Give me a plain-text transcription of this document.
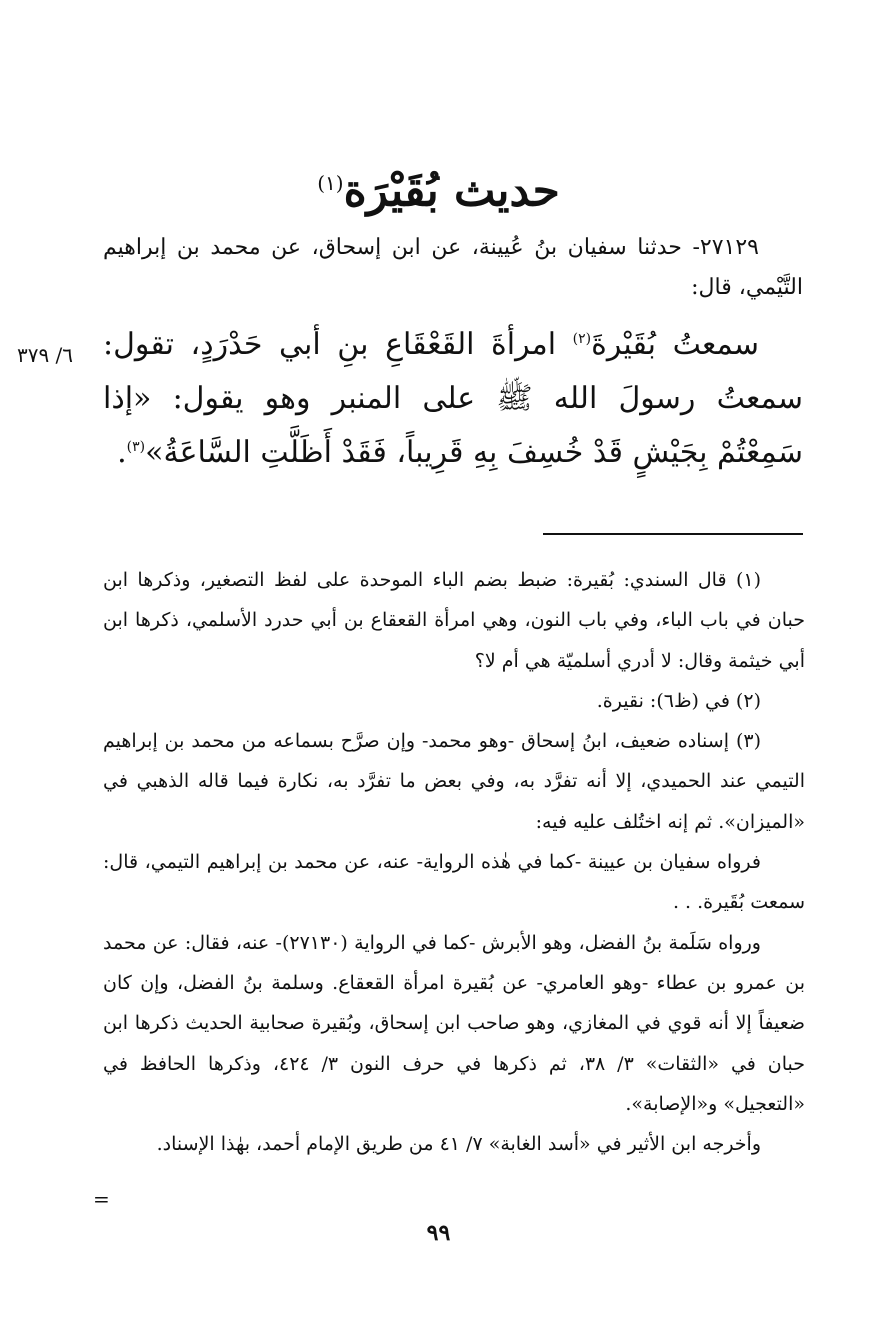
حديث بُقَيْرَة$^{(١)}$

٢٧١٢٩- حدثنا سفيان بنُ عُيينة، عن ابن إسحاق، عن محمد بن إبراهيم التَّيْمي، قال:

سمعتُ بُقَيْرةَ$^{(٢)}$ امرأةَ القَعْقَاعِ بنِ أبي حَدْرَدٍ، تقول: سمعتُ رسولَ الله ﷺ على المنبر وهو يقول: «إذا سَمِعْتُمْ بِجَيْشٍ قَدْ خُسِفَ بِهِ قَرِيباً، فَقَدْ أَظَلَّتِ السَّاعَةُ»$^{(٣)}$.

٦/ ٣٧٩

(١) قال السندي: بُقيرة: ضبط بضم الباء الموحدة على لفظ التصغير، وذكرها ابن حبان في باب الباء، وفي باب النون، وهي امرأة القعقاع بن أبي حدرد الأسلمي، ذكرها ابن أبي خيثمة وقال: لا أدري أسلميّة هي أم لا؟

(٢) في (ظ٦): نقيرة.

(٣) إسناده ضعيف، ابنُ إسحاق -وهو محمد- وإن صرَّح بسماعه من محمد بن إبراهيم التيمي عند الحميدي، إلا أنه تفرَّد به، وفي بعض ما تفرَّد به، نكارة فيما قاله الذهبي في «الميزان». ثم إنه اختُلف عليه فيه:

فرواه سفيان بن عيينة -كما في هٰذه الرواية- عنه، عن محمد بن إبراهيم التيمي، قال: سمعت بُقَيرة. . .

ورواه سَلَمة بنُ الفضل، وهو الأبرش -كما في الرواية (٢٧١٣٠)- عنه، فقال: عن محمد بن عمرو بن عطاء -وهو العامري- عن بُقيرة امرأة القعقاع. وسلمة بنُ الفضل، وإن كان ضعيفاً إلا أنه قوي في المغازي، وهو صاحب ابن إسحاق، وبُقيرة صحابية الحديث ذكرها ابن حبان في «الثقات» ٣/ ٣٨، ثم ذكرها في حرف النون ٣/ ٤٢٤، وذكرها الحافظ في «التعجيل» و«الإصابة».

وأخرجه ابن الأثير في «أسد الغابة» ٧/ ٤١ من طريق الإمام أحمد، بهٰذا الإسناد.

=
٩٩
